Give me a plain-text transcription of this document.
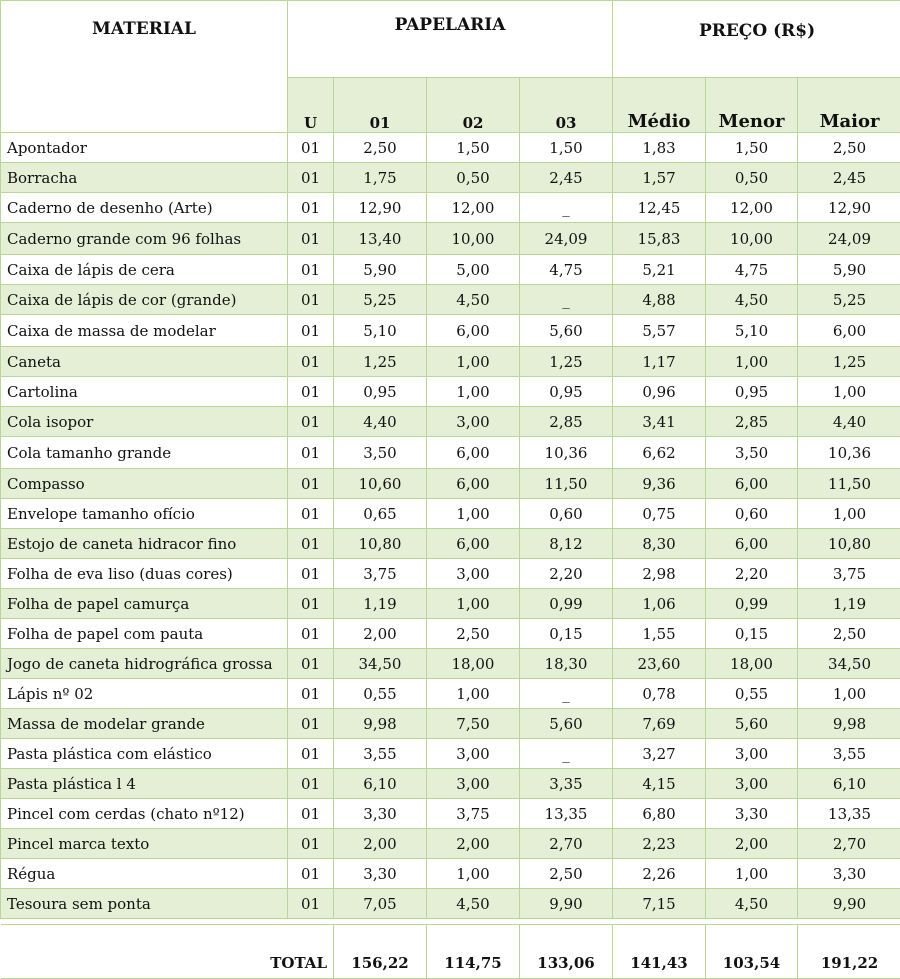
MATERIAL	PAPELARIA				PREÇO (R$)		
	U	01	02	03	Médio	Menor	Maior
Apontador	01	2,50	1,50	1,50	1,83	1,50	2,50
Borracha	01	1,75	0,50	2,45	1,57	0,50	2,45
Caderno de desenho (Arte)	01	12,90	12,00	_	12,45	12,00	12,90
Caderno grande com 96 folhas	01	13,40	10,00	24,09	15,83	10,00	24,09
Caixa de lápis de cera	01	5,90	5,00	4,75	5,21	4,75	5,90
Caixa de lápis de cor (grande)	01	5,25	4,50	_	4,88	4,50	5,25
Caixa de massa de modelar	01	5,10	6,00	5,60	5,57	5,10	6,00
Caneta	01	1,25	1,00	1,25	1,17	1,00	1,25
Cartolina	01	0,95	1,00	0,95	0,96	0,95	1,00
Cola isopor	01	4,40	3,00	2,85	3,41	2,85	4,40
Cola tamanho grande	01	3,50	6,00	10,36	6,62	3,50	10,36
Compasso	01	10,60	6,00	11,50	9,36	6,00	11,50
Envelope tamanho ofício	01	0,65	1,00	0,60	0,75	0,60	1,00
Estojo de caneta hidracor fino	01	10,80	6,00	8,12	8,30	6,00	10,80
Folha de eva liso (duas cores)	01	3,75	3,00	2,20	2,98	2,20	3,75
Folha de papel camurça	01	1,19	1,00	0,99	1,06	0,99	1,19
Folha de papel com pauta	01	2,00	2,50	0,15	1,55	0,15	2,50
Jogo de caneta hidrográfica grossa	01	34,50	18,00	18,30	23,60	18,00	34,50
Lápis nº 02	01	0,55	1,00	_	0,78	0,55	1,00
Massa de modelar grande	01	9,98	7,50	5,60	7,69	5,60	9,98
Pasta plástica com elástico	01	3,55	3,00	_	3,27	3,00	3,55
Pasta plástica l 4	01	6,10	3,00	3,35	4,15	3,00	6,10
Pincel com cerdas (chato nº12)	01	3,30	3,75	13,35	6,80	3,30	13,35
Pincel marca texto	01	2,00	2,00	2,70	2,23	2,00	2,70
Régua	01	3,30	1,00	2,50	2,26	1,00	3,30
Tesoura sem ponta	01	7,05	4,50	9,90	7,15	4,50	9,90

TOTAL		156,22	114,75	133,06	141,43	103,54	191,22
